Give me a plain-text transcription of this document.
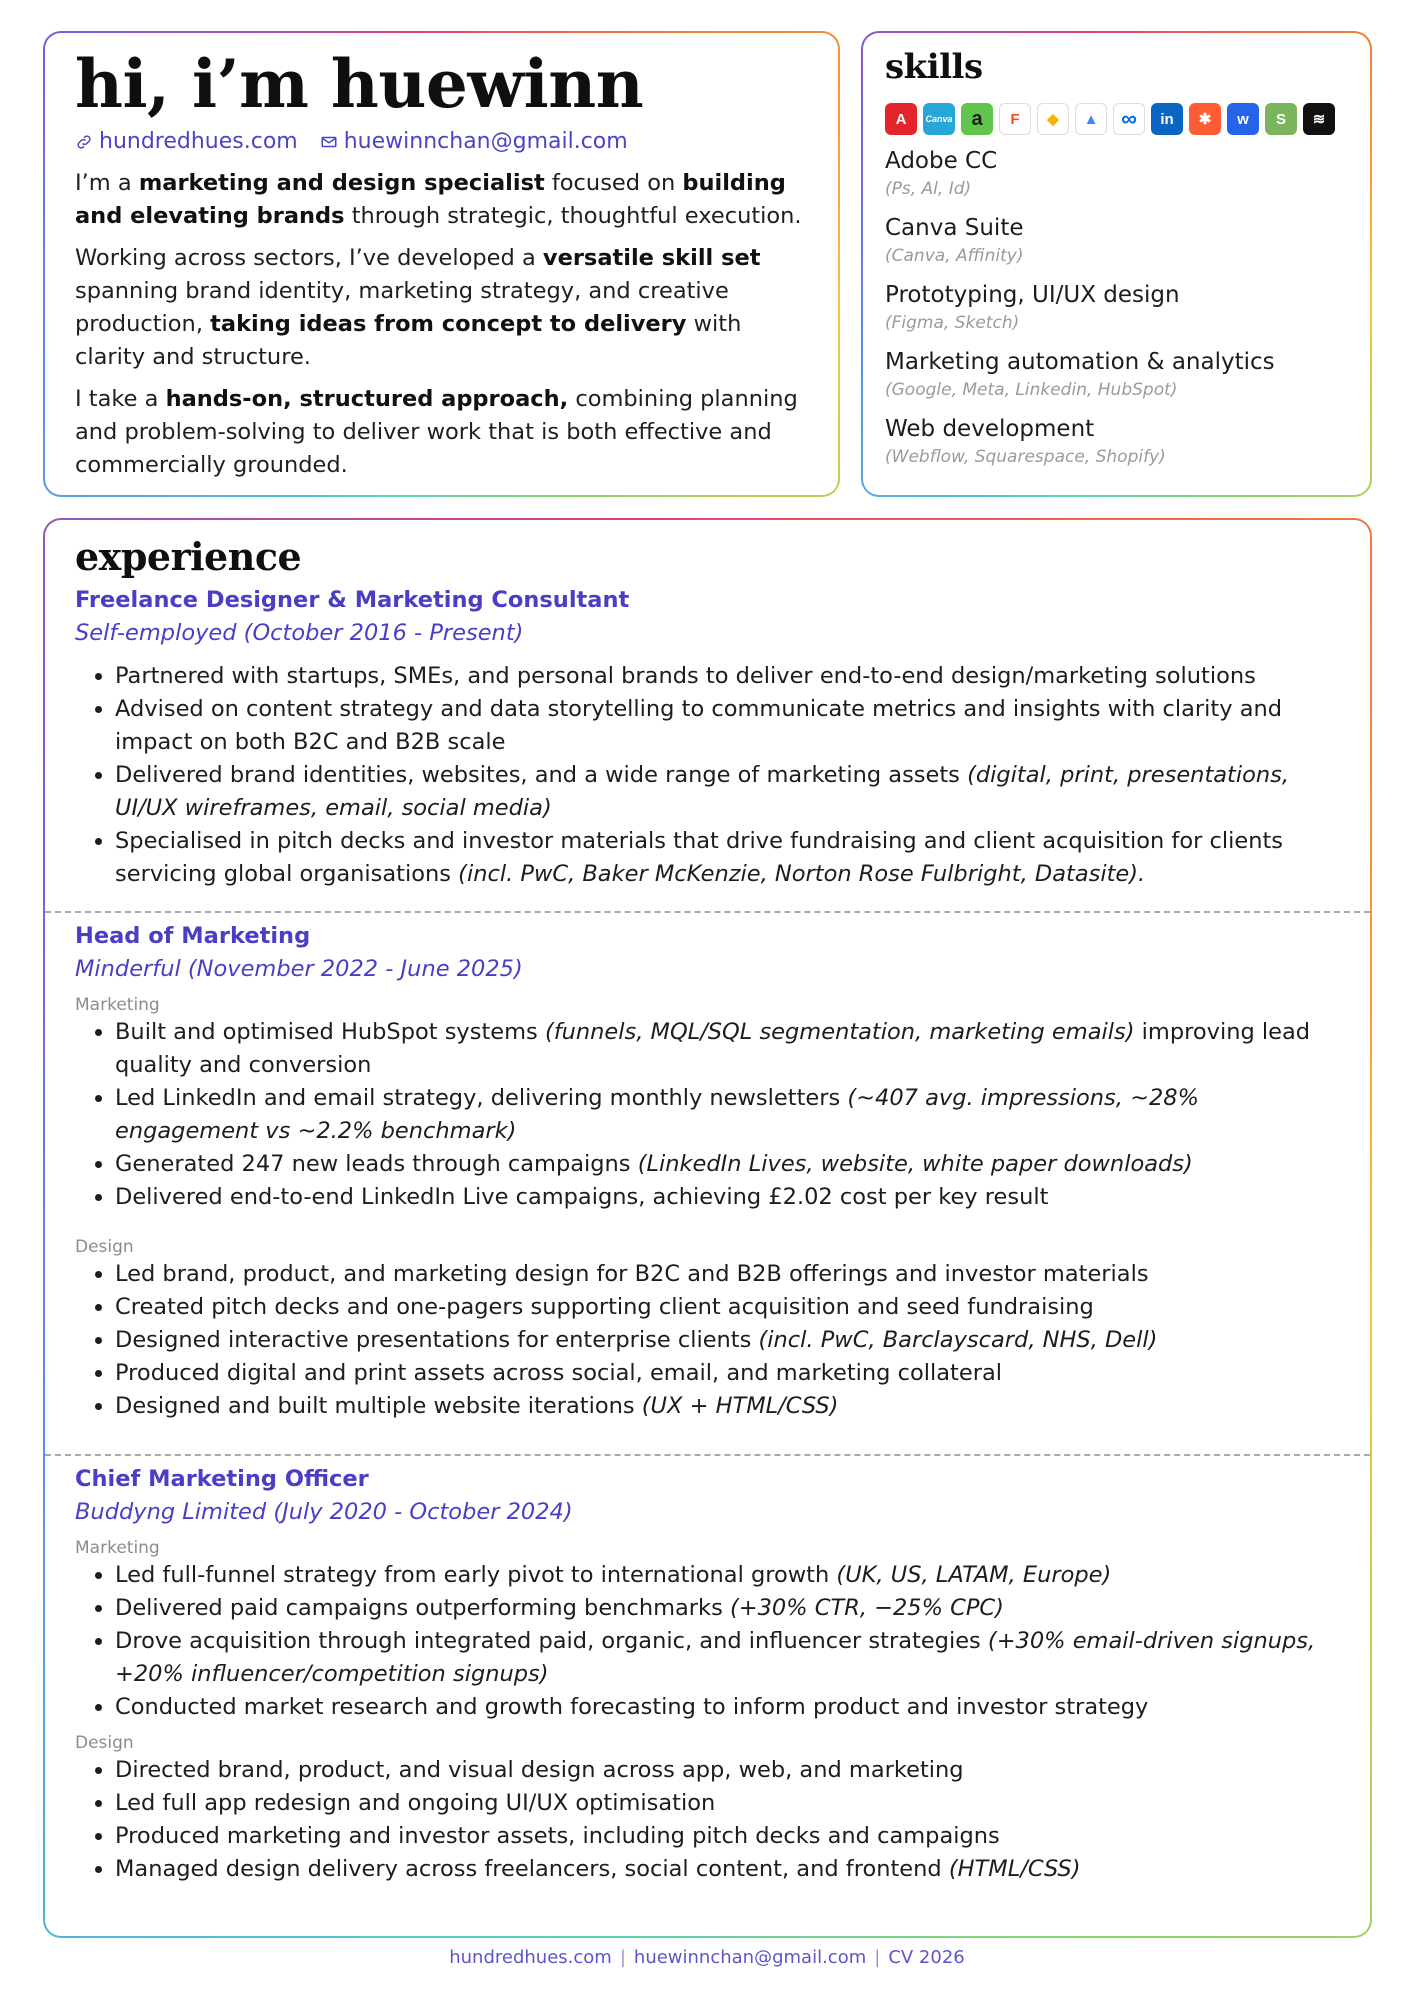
hi, i’m huewinn
hundredhues.com huewinnchan@gmail.com

I’m a marketing and design specialist focused on building and elevating brands through strategic, thoughtful execution.

Working across sectors, I’ve developed a versatile skill set spanning brand identity, marketing strategy, and creative production, taking ideas from concept to delivery with clarity and structure.

I take a hands-on, structured approach, combining planning and problem-solving to deliver work that is both effective and commercially grounded.

skills
A	Canva a	F	◆	▲	∞	in	✱	w	S	≋
Adobe CC
(Ps, Al, Id)
Canva Suite
(Canva, Affinity)
Prototyping, UI/UX design
(Figma, Sketch)
Marketing automation & analytics
(Google, Meta, Linkedin, HubSpot)
Web development
(Webflow, Squarespace, Shopify)
experience
Freelance Designer & Marketing Consultant
Self-employed (October 2016 - Present)
• Partnered with startups, SMEs, and personal brands to deliver end-to-end design/marketing solutions
• Advised on content strategy and data storytelling to communicate metrics and insights with clarity and impact on both B2C and B2B scale
• Delivered brand identities, websites, and a wide range of marketing assets (digital, print, presentations, UI/UX wireframes, email, social media)
• Specialised in pitch decks and investor materials that drive fundraising and client acquisition for clients servicing global organisations (incl. PwC, Baker McKenzie, Norton Rose Fulbright, Datasite).
Head of Marketing
Minderful (November 2022 - June 2025)
Marketing
• Built and optimised HubSpot systems (funnels, MQL/SQL segmentation, marketing emails) improving lead quality and conversion
• Led LinkedIn and email strategy, delivering monthly newsletters (~407 avg. impressions, ~28% engagement vs ~2.2% benchmark)
• Generated 247 new leads through campaigns (LinkedIn Lives, website, white paper downloads)
• Delivered end-to-end LinkedIn Live campaigns, achieving £2.02 cost per key result
Design
• Led brand, product, and marketing design for B2C and B2B offerings and investor materials
• Created pitch decks and one-pagers supporting client acquisition and seed fundraising
• Designed interactive presentations for enterprise clients (incl. PwC, Barclayscard, NHS, Dell)
• Produced digital and print assets across social, email, and marketing collateral
• Designed and built multiple website iterations (UX + HTML/CSS)
Chief Marketing Officer
Buddyng Limited (July 2020 - October 2024)
Marketing
• Led full-funnel strategy from early pivot to international growth (UK, US, LATAM, Europe)
• Delivered paid campaigns outperforming benchmarks (+30% CTR, −25% CPC)
• Drove acquisition through integrated paid, organic, and influencer strategies (+30% email-driven signups, +20% influencer/competition signups)
• Conducted market research and growth forecasting to inform product and investor strategy
Design
• Directed brand, product, and visual design across app, web, and marketing
• Led full app redesign and ongoing UI/UX optimisation
• Produced marketing and investor assets, including pitch decks and campaigns
• Managed design delivery across freelancers, social content, and frontend (HTML/CSS)
hundredhues.com | huewinnchan@gmail.com | CV 2026
